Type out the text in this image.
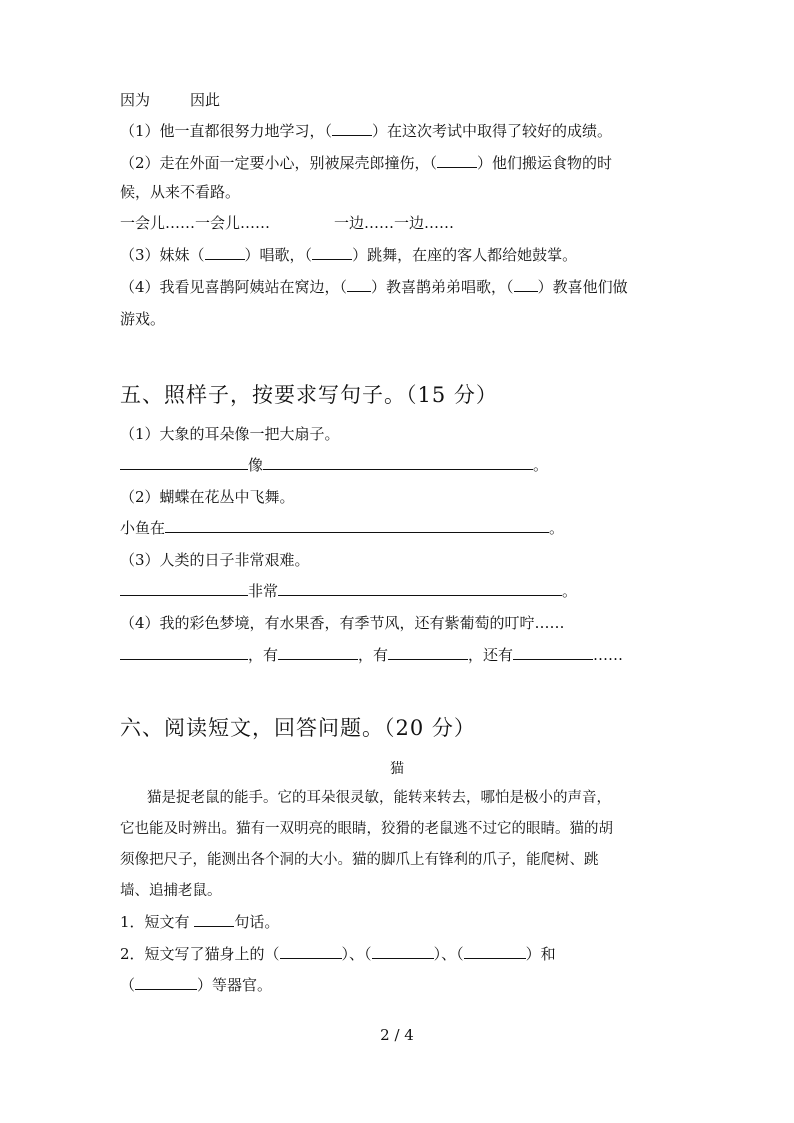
因为	因此
（1）他一直都很努力地学习，（	）在这次考试中取得了较好的成绩。
（2）走在外面一定要小心，别被屎壳郎撞伤，（	）他们搬运食物的时
候，从来不看路。
一会儿……一会儿……	一边……一边……
（3）妹妹（	）唱歌，（	）跳舞，在座的客人都给她鼓掌。
（4）我看见喜鹊阿姨站在窝边，（ ）教喜鹊弟弟唱歌，（ ）教喜他们做
游戏。
五、照样子，按要求写句子。（15 分）
（1）大象的耳朵像一把大扇子。
像	。
（2）蝴蝶在花丛中飞舞。
小鱼在	。
（3）人类的日子非常艰难。
非常	。
（4）我的彩色梦境，有水果香，有季节风，还有紫葡萄的叮咛……
，有	，有	，还有	……
六、阅读短文，回答问题。（20 分）
猫
猫是捉老鼠的能手。它的耳朵很灵敏，能转来转去，哪怕是极小的声音，
它也能及时辨出。猫有一双明亮的眼睛，狡猾的老鼠逃不过它的眼睛。猫的胡
须像把尺子，能测出各个洞的大小。猫的脚爪上有锋利的爪子，能爬树、跳
墙、追捕老鼠。
1．短文有	句话。
2．短文写了猫身上的（	）、（	）、（	）和
（	）等器官。
2 / 4
